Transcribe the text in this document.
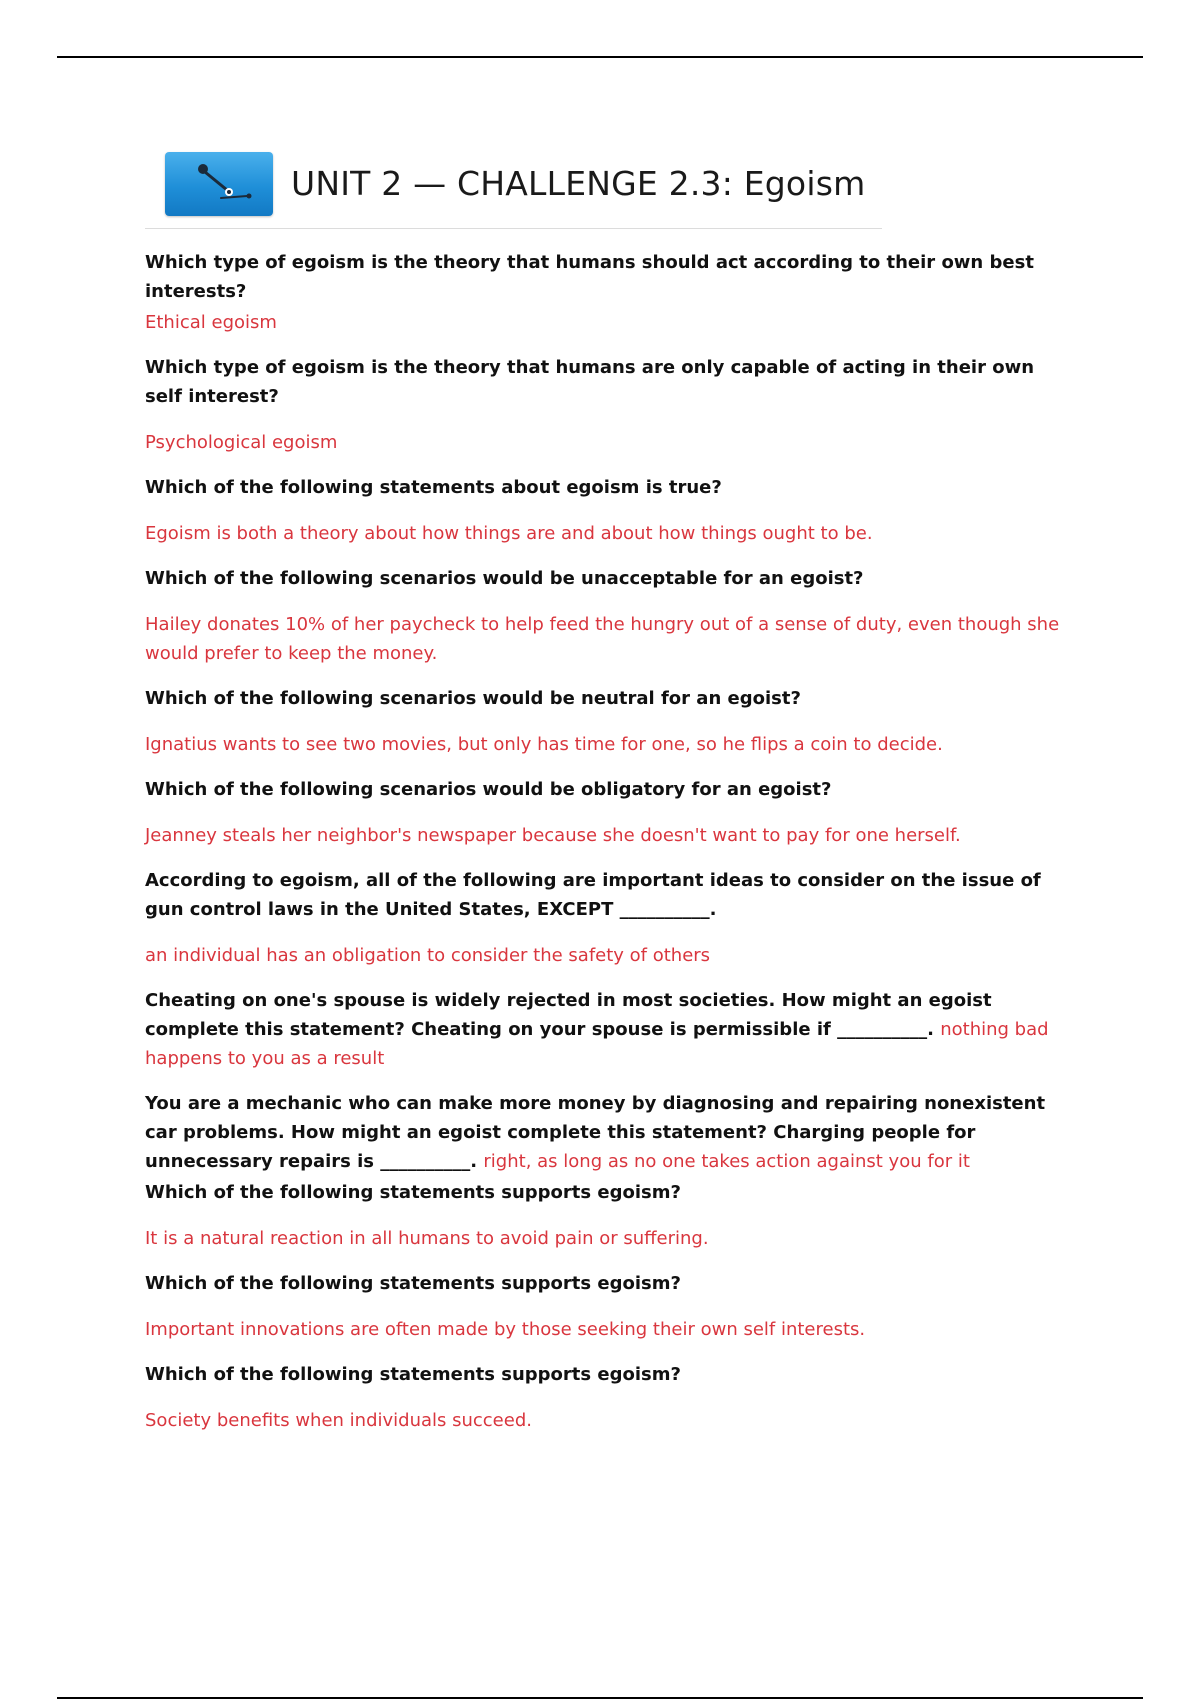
UNIT 2 — CHALLENGE 2.3: Egoism

Which type of egoism is the theory that humans should act according to their own best interests?

Ethical egoism

Which type of egoism is the theory that humans are only capable of acting in their own self interest?

Psychological egoism

Which of the following statements about egoism is true?

Egoism is both a theory about how things are and about how things ought to be.

Which of the following scenarios would be unacceptable for an egoist?

Hailey donates 10% of her paycheck to help feed the hungry out of a sense of duty, even though she would prefer to keep the money.

Which of the following scenarios would be neutral for an egoist?

Ignatius wants to see two movies, but only has time for one, so he flips a coin to decide.

Which of the following scenarios would be obligatory for an egoist?

Jeanney steals her neighbor's newspaper because she doesn't want to pay for one herself.

According to egoism, all of the following are important ideas to consider on the issue of gun control laws in the United States, EXCEPT __________.

an individual has an obligation to consider the safety of others

Cheating on one's spouse is widely rejected in most societies. How might an egoist complete this statement? Cheating on your spouse is permissible if __________. nothing bad happens to you as a result

You are a mechanic who can make more money by diagnosing and repairing nonexistent car problems. How might an egoist complete this statement? Charging people for unnecessary repairs is __________. right, as long as no one takes action against you for it

Which of the following statements supports egoism?

It is a natural reaction in all humans to avoid pain or suffering.

Which of the following statements supports egoism?

Important innovations are often made by those seeking their own self interests.

Which of the following statements supports egoism?

Society benefits when individuals succeed.
